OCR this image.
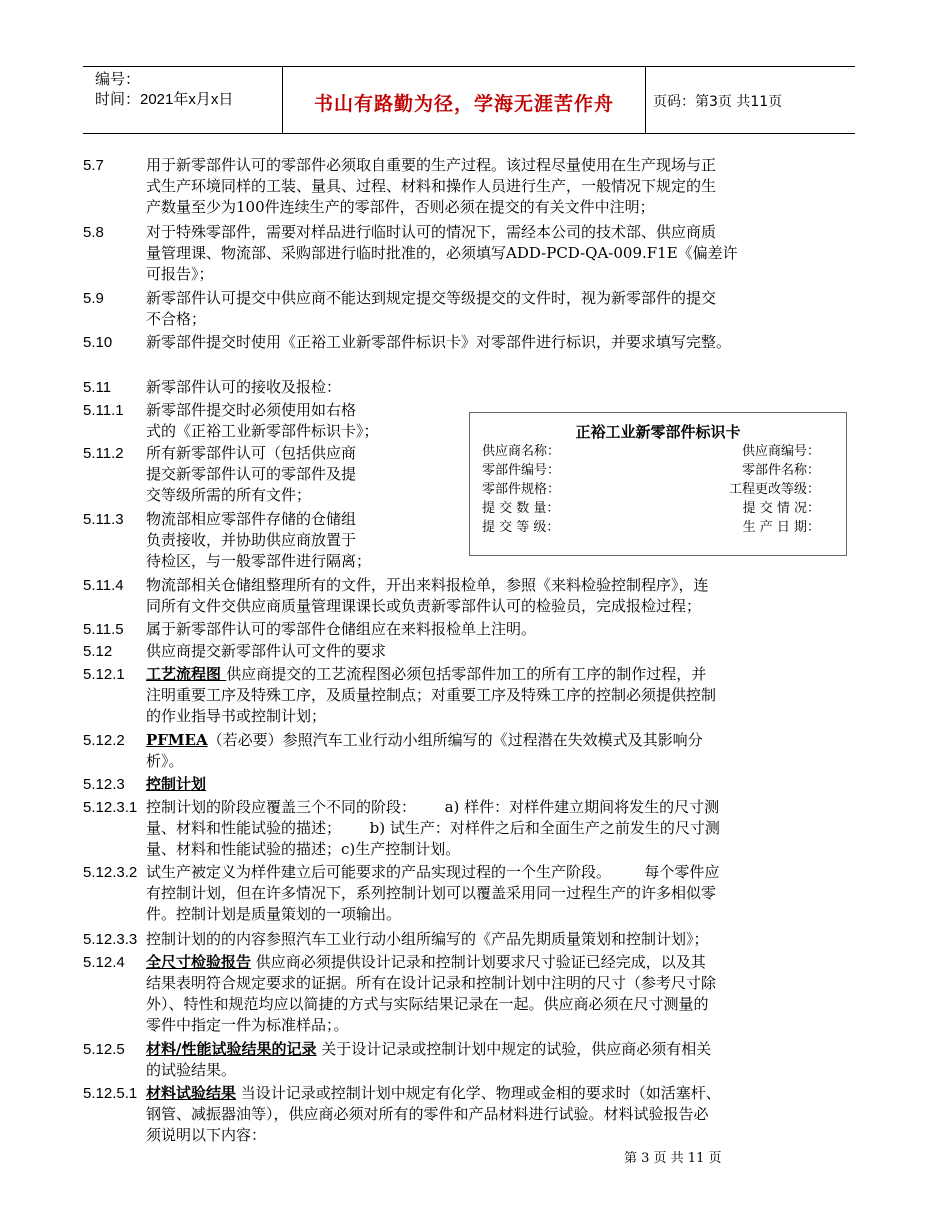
编号：
时间：2021年x月x日	书山有路勤为径，学海无涯苦作舟	页码：第3页 共11页
5.7	用于新零部件认可的零部件必须取自重要的生产过程。该过程尽量使用在生产现场与正
式生产环境同样的工装、量具、过程、材料和操作人员进行生产，一般情况下规定的生
产数量至少为100件连续生产的零部件，否则必须在提交的有关文件中注明；
5.8	对于特殊零部件，需要对样品进行临时认可的情况下，需经本公司的技术部、供应商质
量管理课、物流部、采购部进行临时批准的，必须填写ADD-PCD-QA-009.F1E《偏差许
可报告》；
5.9	新零部件认可提交中供应商不能达到规定提交等级提交的文件时，视为新零部件的提交
不合格；
5.10 新零部件提交时使用《正裕工业新零部件标识卡》对零部件进行标识，并要求填写完整。
5.11 新零部件认可的接收及报检：
5.11.1 新零部件提交时必须使用如右格
式的《正裕工业新零部件标识卡》；
5.11.2 所有新零部件认可（包括供应商
提交新零部件认可的零部件及提
交等级所需的所有文件；
5.11.3 物流部相应零部件存储的仓储组
负责接收，并协助供应商放置于
待检区，与一般零部件进行隔离；
正裕工业新零部件标识卡
供应商名称：	供应商编号：
零部件编号：	零部件名称：
零部件规格：	工程更改等级：
提 交 数 量：	提 交 情 况：
提 交 等 级：	生 产 日 期：
5.11.4 物流部相关仓储组整理所有的文件，开出来料报检单，参照《来料检验控制程序》，连
同所有文件交供应商质量管理课课长或负责新零部件认可的检验员，完成报检过程；
5.11.5 属于新零部件认可的零部件仓储组应在来料报检单上注明。
5.12 供应商提交新零部件认可文件的要求
5.12.1 工艺流程图 供应商提交的工艺流程图必须包括零部件加工的所有工序的制作过程，并
注明重要工序及特殊工序，及质量控制点；对重要工序及特殊工序的控制必须提供控制
的作业指导书或控制计划；
5.12.2 PFMEA（若必要）参照汽车工业行动小组所编写的《过程潜在失效模式及其影响分
析》。
5.12.3 控制计划
5.12.3.1 控制计划的阶段应覆盖三个不同的阶段：      a) 样件：对样件建立期间将发生的尺寸测
量、材料和性能试验的描述；      b) 试生产：对样件之后和全面生产之前发生的尺寸测
量、材料和性能试验的描述；c)生产控制计划。
5.12.3.2 试生产被定义为样件建立后可能要求的产品实现过程的一个生产阶段。       每个零件应
有控制计划，但在许多情况下，系列控制计划可以覆盖采用同一过程生产的许多相似零
件。控制计划是质量策划的一项输出。
5.12.3.3 控制计划的的内容参照汽车工业行动小组所编写的《产品先期质量策划和控制计划》；
5.12.4 全尺寸检验报告 供应商必须提供设计记录和控制计划要求尺寸验证已经完成，以及其
结果表明符合规定要求的证据。所有在设计记录和控制计划中注明的尺寸（参考尺寸除
外）、特性和规范均应以简捷的方式与实际结果记录在一起。供应商必须在尺寸测量的
零件中指定一件为标准样品；。
5.12.5 材料/性能试验结果的记录 关于设计记录或控制计划中规定的试验，供应商必须有相关
的试验结果。
5.12.5.1 材料试验结果 当设计记录或控制计划中规定有化学、物理或金相的要求时（如活塞杆、
钢管、减振器油等），供应商必须对所有的零件和产品材料进行试验。材料试验报告必
须说明以下内容：
第 3 页 共 11 页
